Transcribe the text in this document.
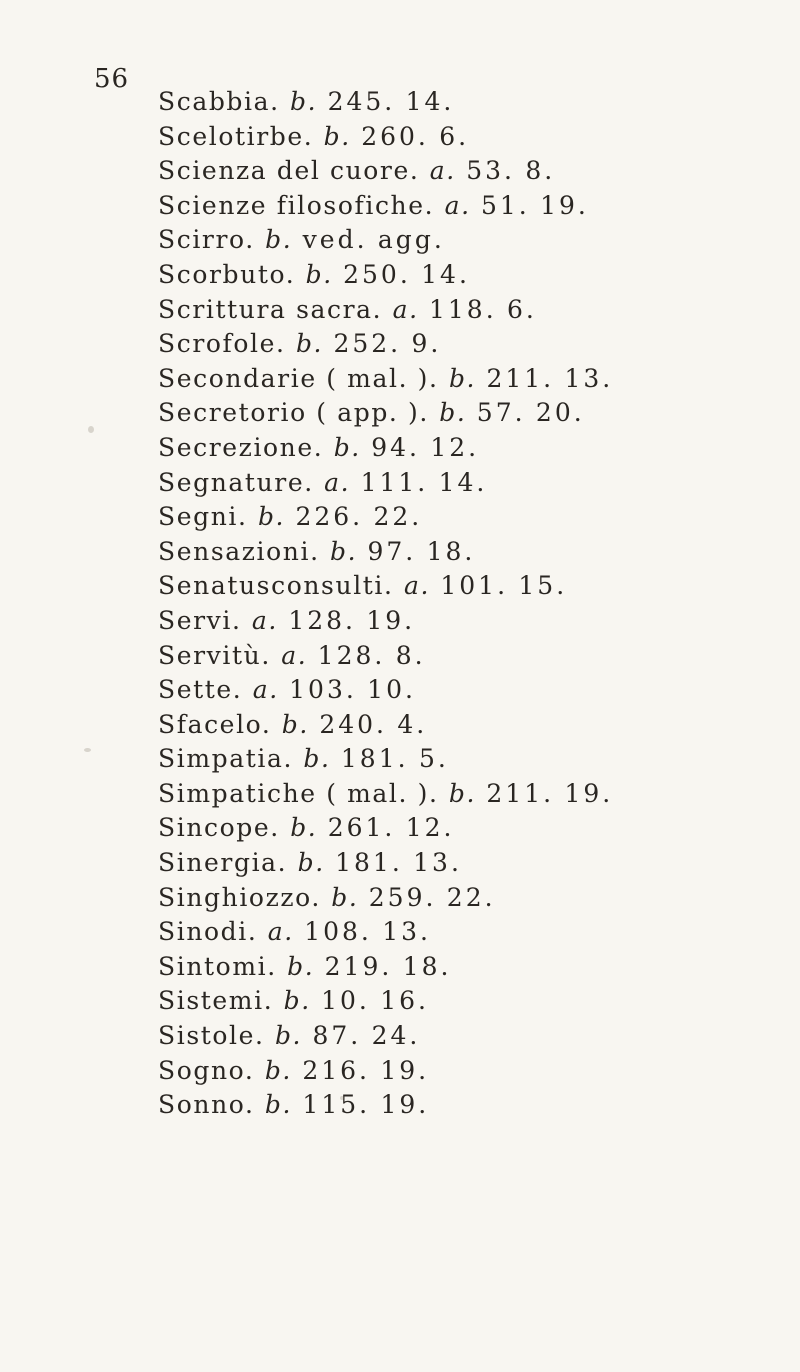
56
Scabbia. b. 245. 14.
Scelotirbe. b. 260. 6.
Scienza del cuore. a. 53. 8.
Scienze filosofiche. a. 51. 19.
Scirro. b. ved. agg.
Scorbuto. b. 250. 14.
Scrittura sacra. a. 118. 6.
Scrofole. b. 252. 9.
Secondarie ( mal. ). b. 211. 13.
Secretorio ( app. ). b. 57. 20.
Secrezione. b. 94. 12.
Segnature. a. 111. 14.
Segni. b. 226. 22.
Sensazioni. b. 97. 18.
Senatusconsulti. a. 101. 15.
Servi. a. 128. 19.
Servitù. a. 128. 8.
Sette. a. 103. 10.
Sfacelo. b. 240. 4.
Simpatia. b. 181. 5.
Simpatiche ( mal. ). b. 211. 19.
Sincope. b. 261. 12.
Sinergia. b. 181. 13.
Singhiozzo. b. 259. 22.
Sinodi. a. 108. 13.
Sintomi. b. 219. 18.
Sistemi. b. 10. 16.
Sistole. b. 87. 24.
Sogno. b. 216. 19.
Sonno. b. 115. 19.
